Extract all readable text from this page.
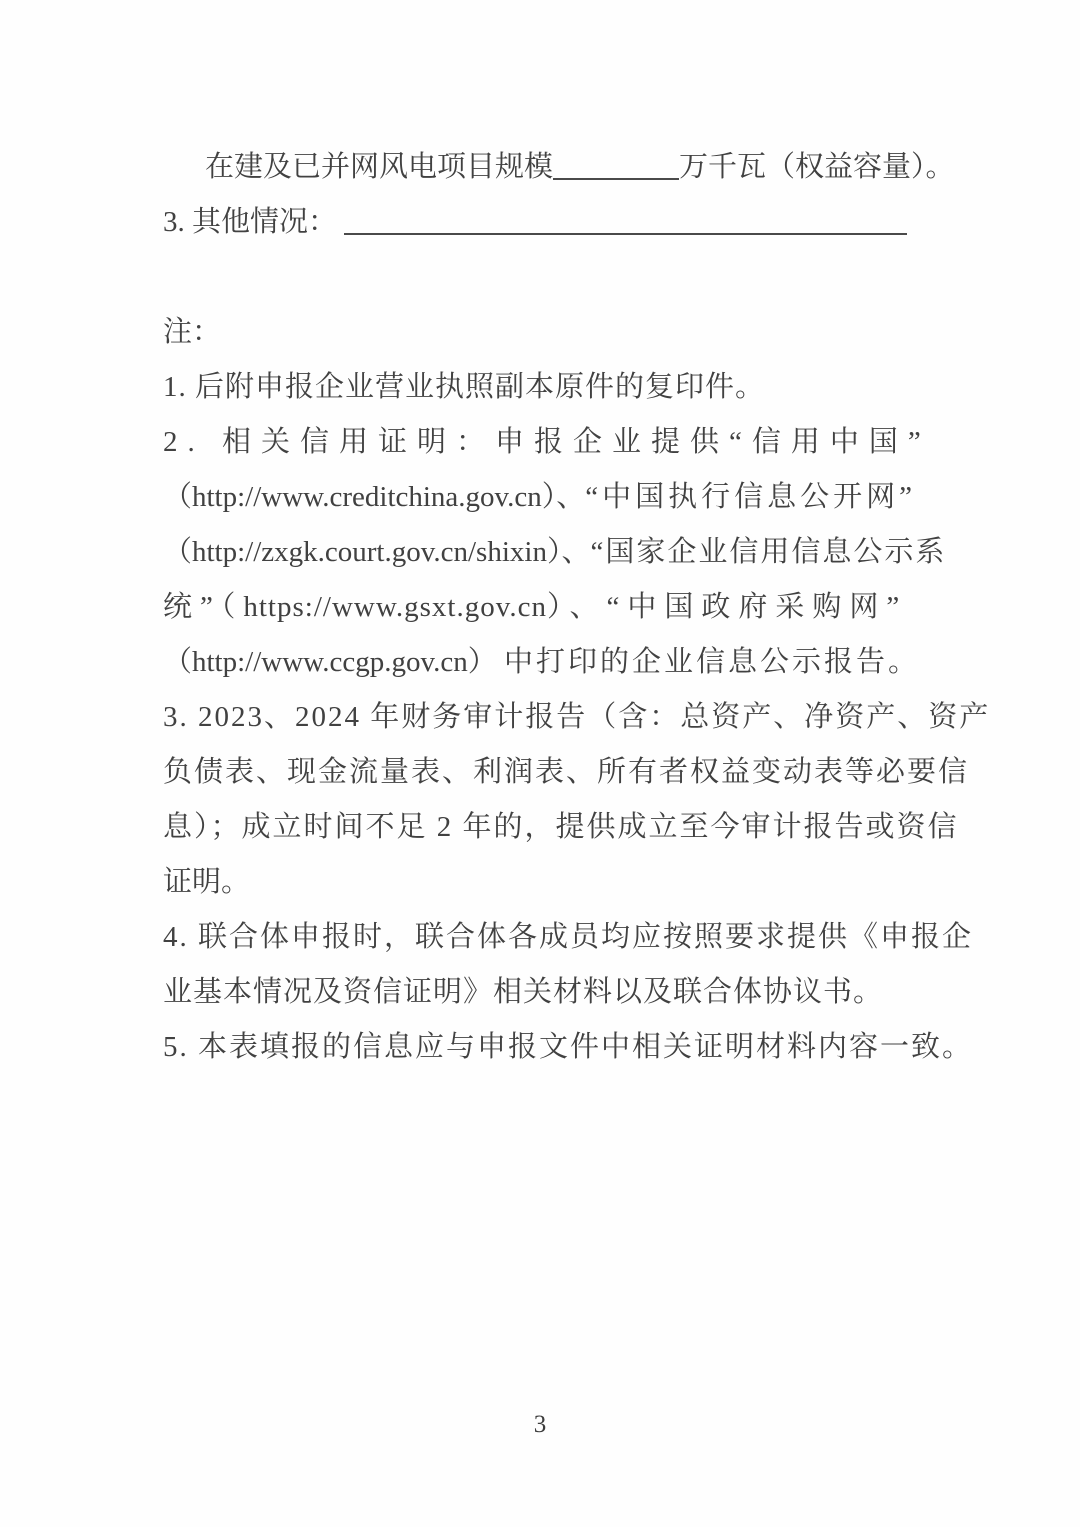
在建及已并网风电项目规模	万千瓦（权益容量）。
3. 其他情况：
注：
1. 后附申报企业营业执照副本原件的复印件。
2. 相关信用证明：申报企业提供“信用中国”
（http://www.creditchina.gov.cn）、“中国执行信息公开网”
（http://zxgk.court.gov.cn/shixin）、“国家企业信用信息公示系
统”（https://www.gsxt.gov.cn）、“中国政府采购网”
（http://www.ccgp.gov.cn） 中打印的企业信息公示报告。
3. 2023、2024 年财务审计报告（含：总资产、净资产、资产
负债表、现金流量表、利润表、所有者权益变动表等必要信
息）；成立时间不足 2 年的，提供成立至今审计报告或资信
证明。
4. 联合体申报时，联合体各成员均应按照要求提供《申报企
业基本情况及资信证明》相关材料以及联合体协议书。
5. 本表填报的信息应与申报文件中相关证明材料内容一致。
3
